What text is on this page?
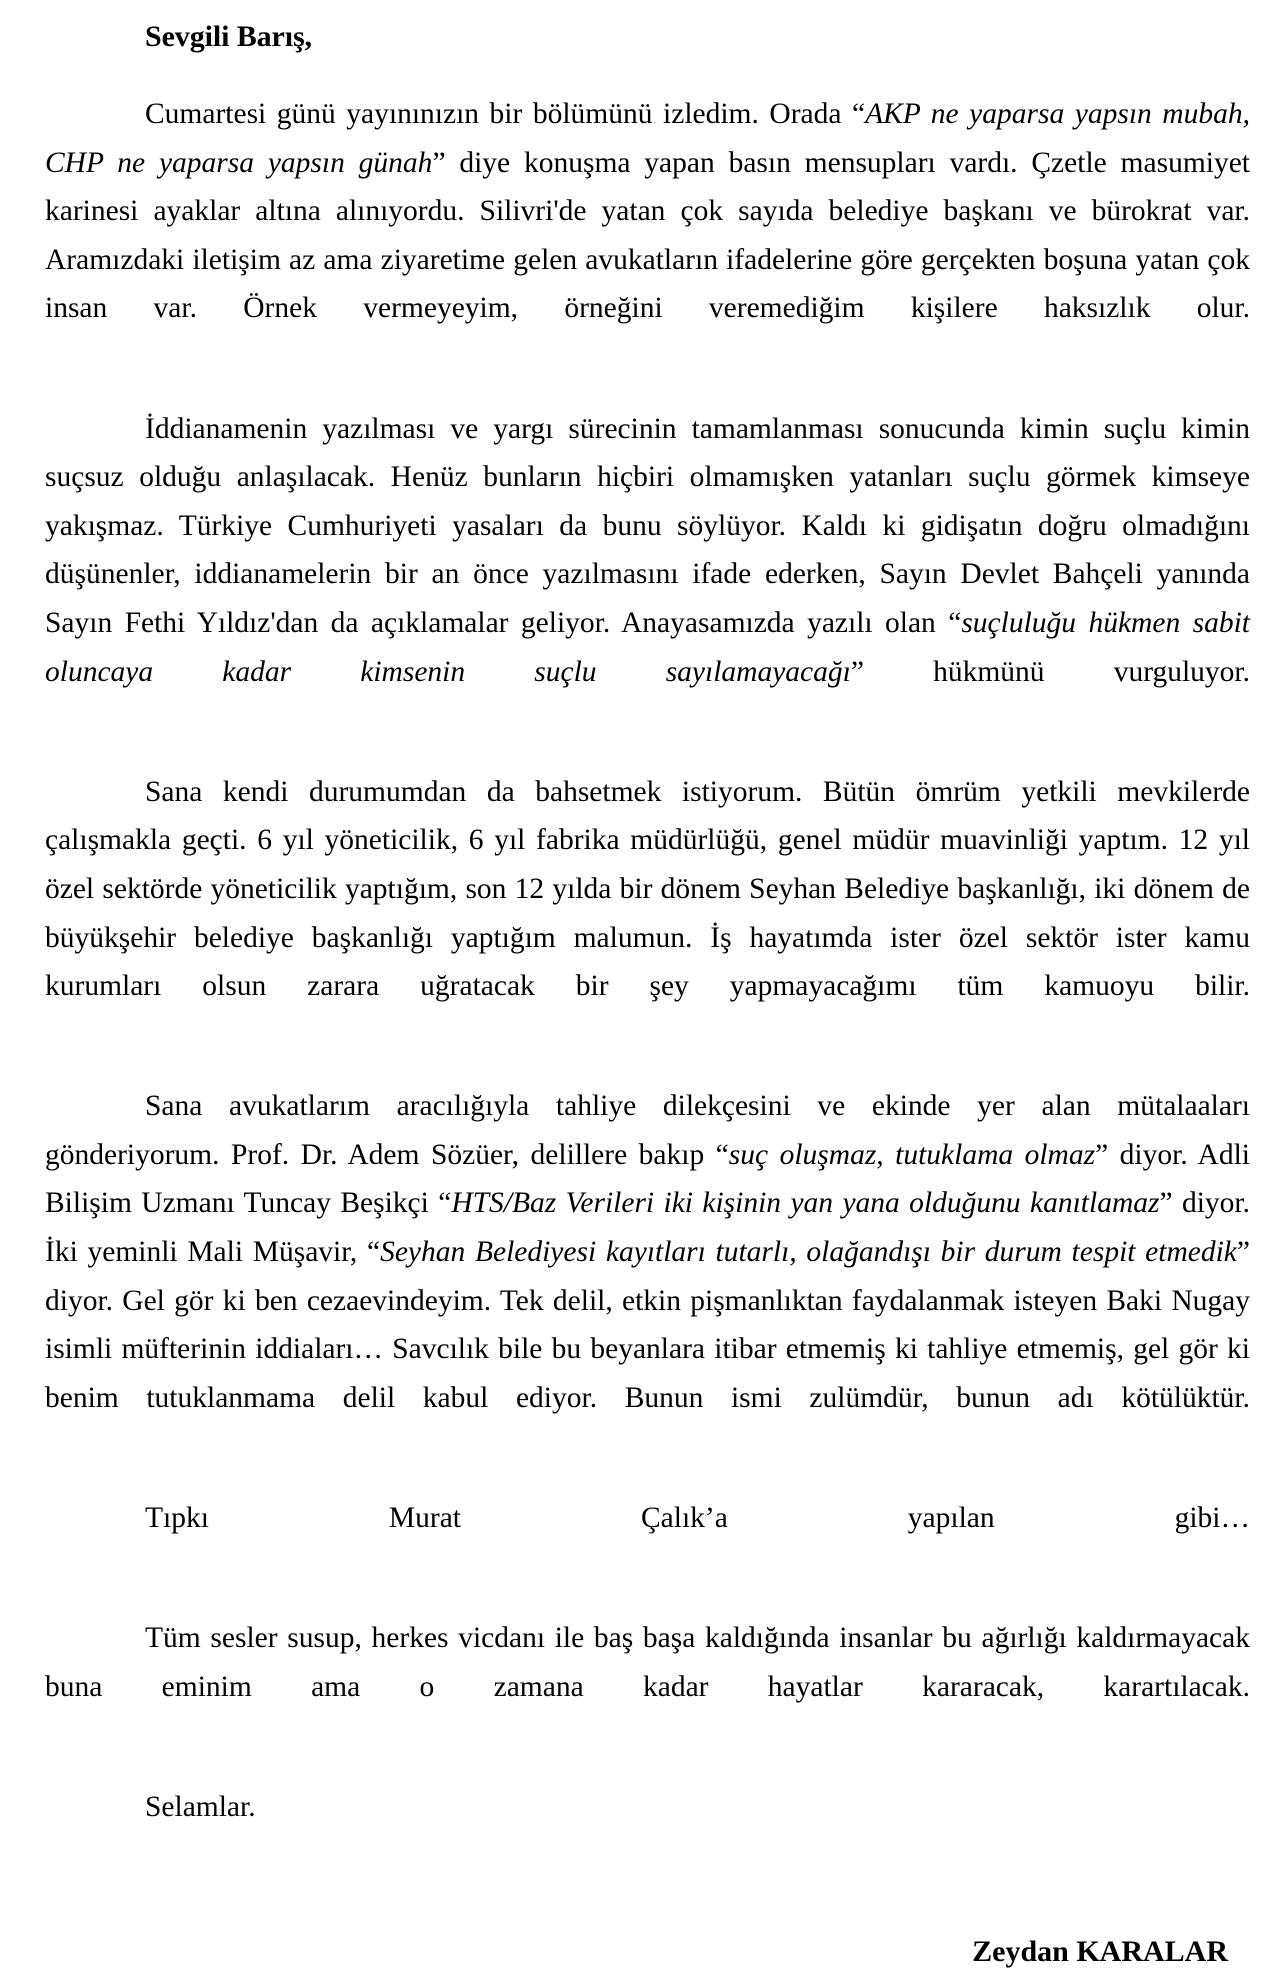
Sevgili Barış,

Cumartesi günü yayınınızın bir bölümünü izledim. Orada “AKP ne yaparsa yapsın mubah, CHP ne yaparsa yapsın günah” diye konuşma yapan basın mensupları vardı. Çzetle masumiyet karinesi ayaklar altına alınıyordu. Silivri'de yatan çok sayıda belediye başkanı ve bürokrat var. Aramızdaki iletişim az ama ziyaretime gelen avukatların ifadelerine göre gerçekten boşuna yatan çok insan var. Örnek vermeyeyim, örneğini veremediğim kişilere haksızlık olur.

İddianamenin yazılması ve yargı sürecinin tamamlanması sonucunda kimin suçlu kimin suçsuz olduğu anlaşılacak. Henüz bunların hiçbiri olmamışken yatanları suçlu görmek kimseye yakışmaz. Türkiye Cumhuriyeti yasaları da bunu söylüyor. Kaldı ki gidişatın doğru olmadığını düşünenler, iddianamelerin bir an önce yazılmasını ifade ederken, Sayın Devlet Bahçeli yanında Sayın Fethi Yıldız'dan da açıklamalar geliyor. Anayasamızda yazılı olan “suçluluğu hükmen sabit oluncaya kadar kimsenin suçlu sayılamayacağı” hükmünü vurguluyor.

Sana kendi durumumdan da bahsetmek istiyorum. Bütün ömrüm yetkili mevkilerde çalışmakla geçti. 6 yıl yöneticilik, 6 yıl fabrika müdürlüğü, genel müdür muavinliği yaptım. 12 yıl özel sektörde yöneticilik yaptığım, son 12 yılda bir dönem Seyhan Belediye başkanlığı, iki dönem de büyükşehir belediye başkanlığı yaptığım malumun. İş hayatımda ister özel sektör ister kamu kurumları olsun zarara uğratacak bir şey yapmayacağımı tüm kamuoyu bilir.

Sana avukatlarım aracılığıyla tahliye dilekçesini ve ekinde yer alan mütalaaları gönderiyorum. Prof. Dr. Adem Sözüer, delillere bakıp “suç oluşmaz, tutuklama olmaz” diyor. Adli Bilişim Uzmanı Tuncay Beşikçi “HTS/Baz Verileri iki kişinin yan yana olduğunu kanıtlamaz” diyor. İki yeminli Mali Müşavir, “Seyhan Belediyesi kayıtları tutarlı, olağandışı bir durum tespit etmedik” diyor. Gel gör ki ben cezaevindeyim. Tek delil, etkin pişmanlıktan faydalanmak isteyen Baki Nugay isimli müfterinin iddiaları… Savcılık bile bu beyanlara itibar etmemiş ki tahliye etmemiş, gel gör ki benim tutuklanmama delil kabul ediyor. Bunun ismi zulümdür, bunun adı kötülüktür.

Tıpkı Murat Çalık’a yapılan gibi…

Tüm sesler susup, herkes vicdanı ile baş başa kaldığında insanlar bu ağırlığı kaldırmayacak buna eminim ama o zamana kadar hayatlar kararacak, karartılacak.

Selamlar.

Zeydan KARALAR
